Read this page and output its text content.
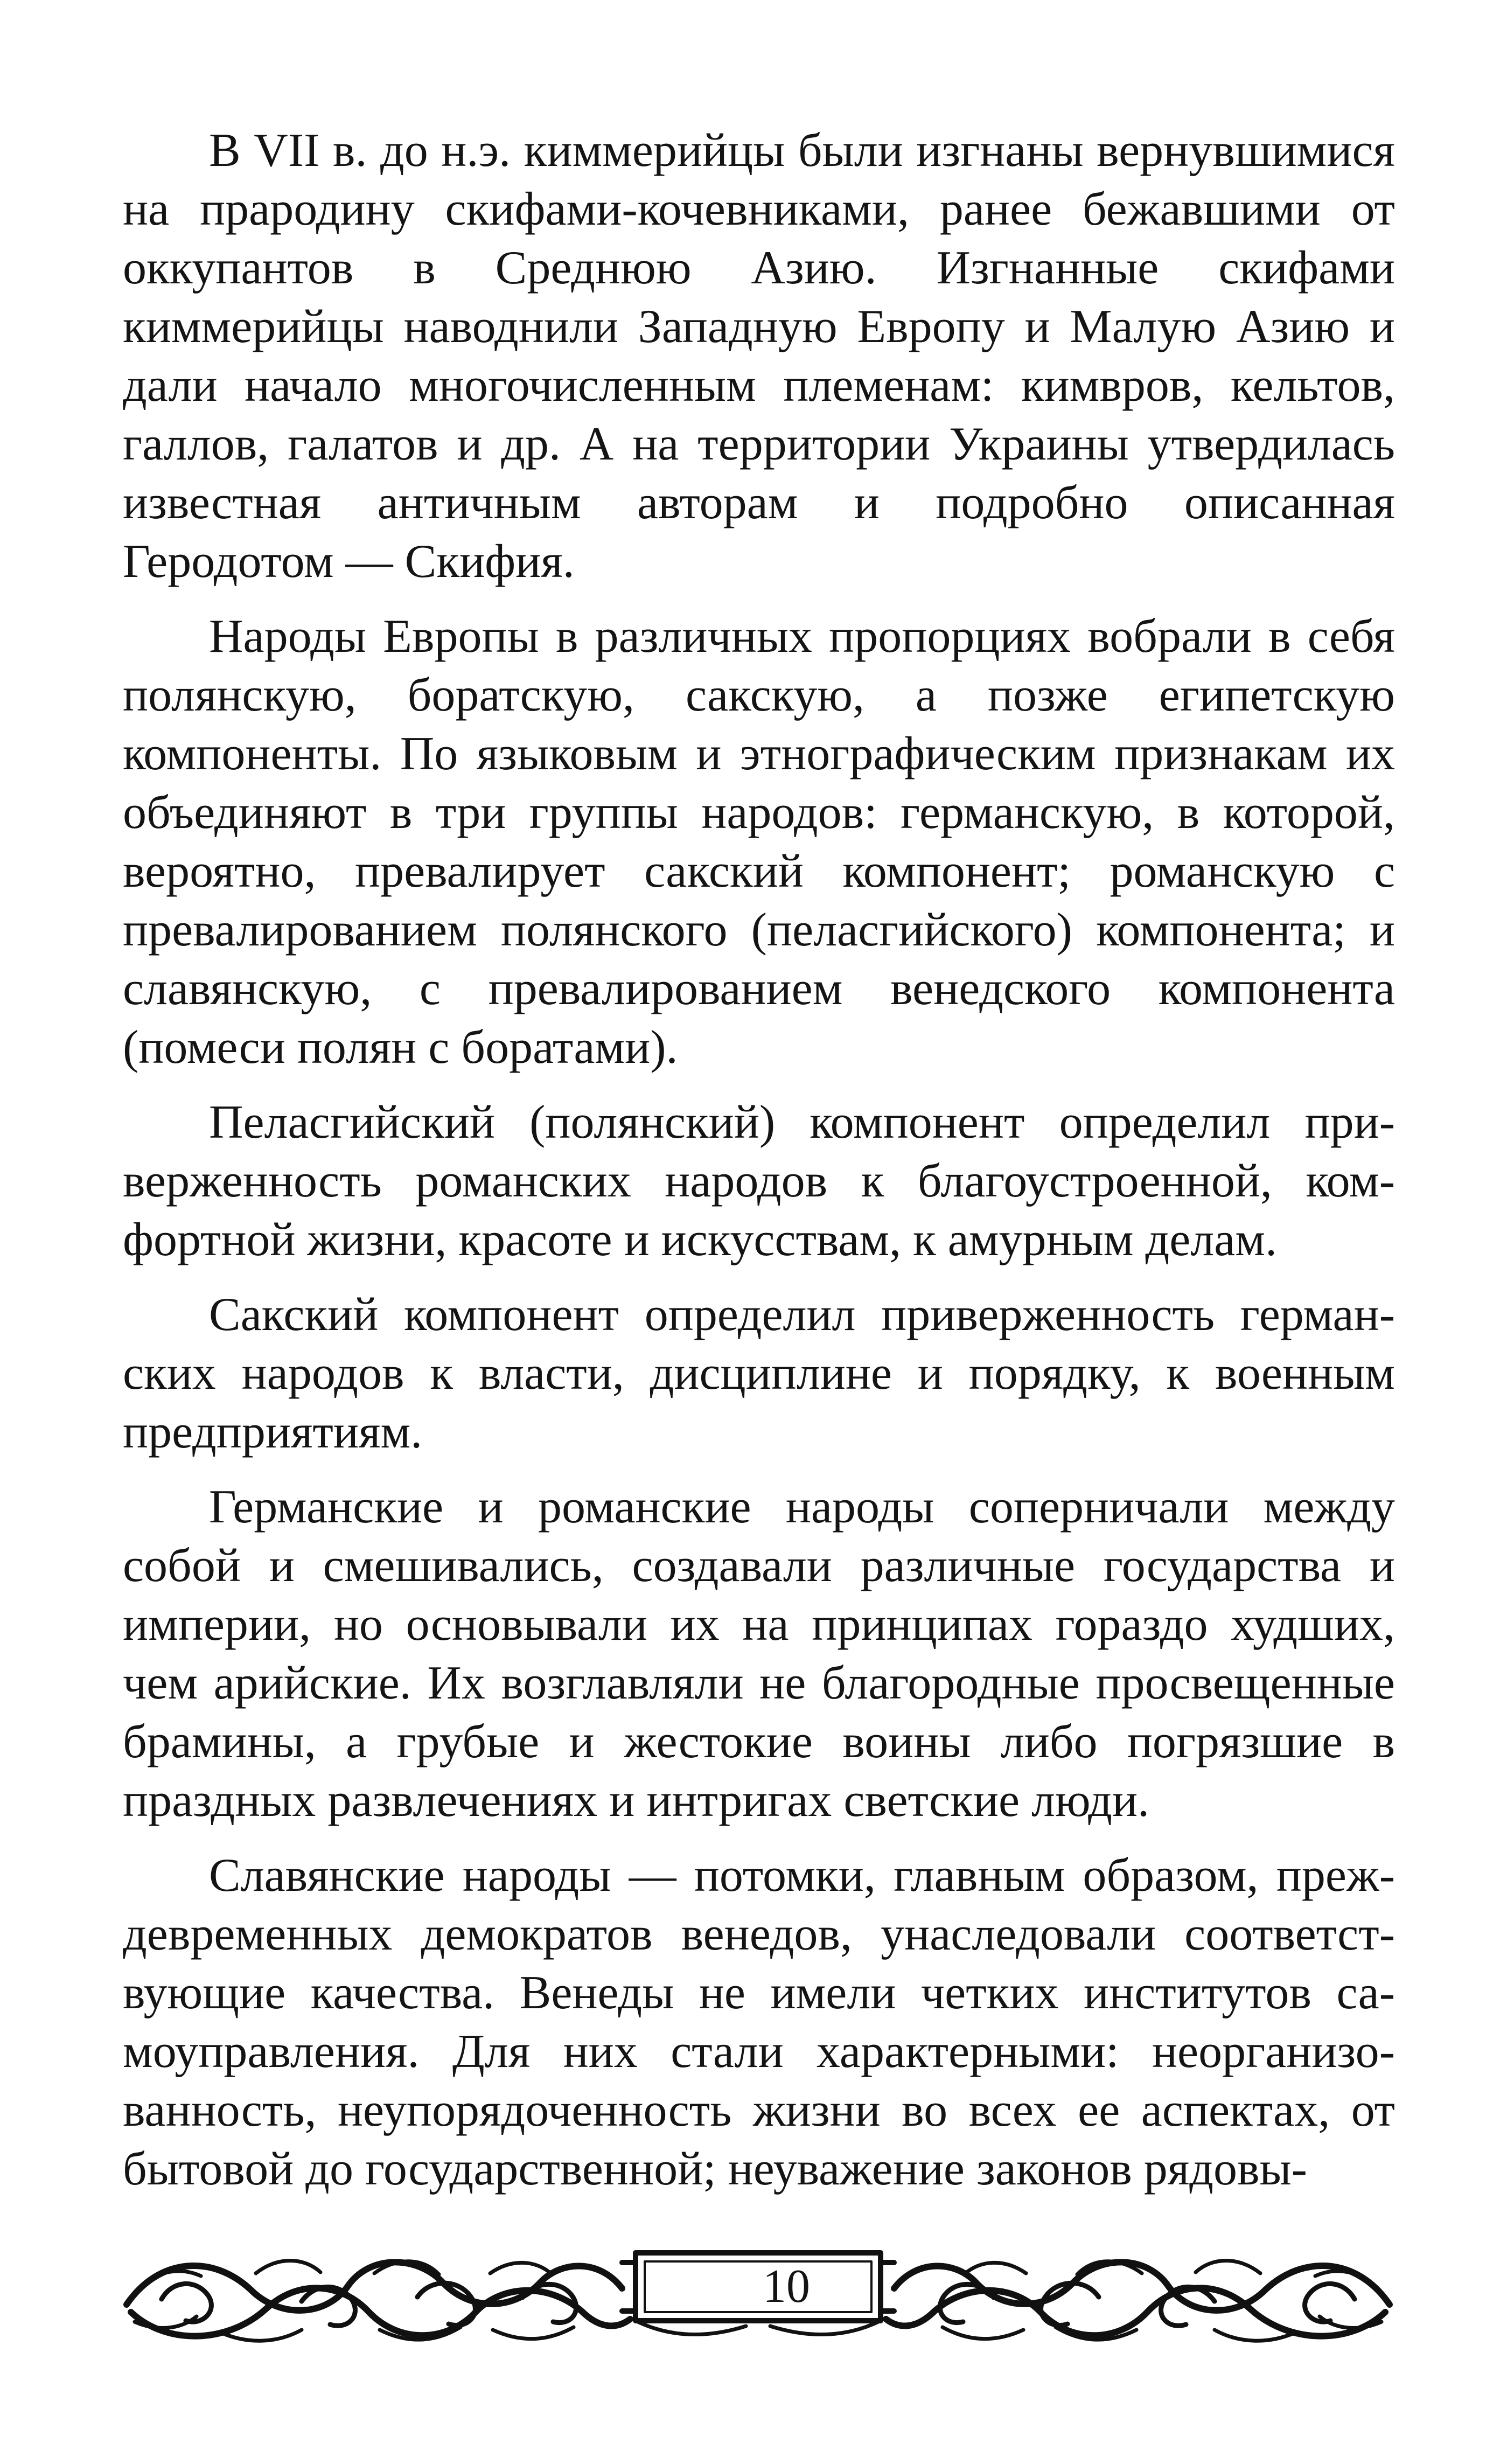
В VII в. до н.э. киммерийцы были изгнаны вернувшимися на прародину скифами-кочевниками, ранее бежавшими от оккупантов в Среднюю Азию. Изгнанные скифами киммерийцы наводнили Западную Европу и Малую Азию и дали начало многочисленным племенам: кимвров, кельтов, галлов, галатов и др. А на территории Украины утвердилась известная античным авторам и подробно описанная Геродотом — Скифия.

Народы Европы в различных пропорциях вобрали в себя полянскую, боратскую, сакскую, а позже египетскую компоненты. По языковым и этнографическим признакам их объединяют в три группы народов: германскую, в которой, вероятно, превалирует сакский компонент; романскую с превалированием полянского (пеласгийского) компонента; и славянскую, с превалированием венедского компонента (помеси полян с боратами).

Пеласгийский (полянский) компонент определил приверженность романских народов к благоустроенной, комфортной жизни, красоте и искусствам, к амурным делам.

Сакский компонент определил приверженность германских народов к власти, дисциплине и порядку, к военным предприятиям.

Германские и романские народы соперничали между собой и смешивались, создавали различные государства и империи, но основывали их на принципах гораздо худших, чем арийские. Их возглавляли не благородные просвещенные брамины, а грубые и жестокие воины либо погрязшие в праздных развлечениях и интригах светские люди.

Славянские народы — потомки, главным образом, преждевременных демократов венедов, унаследовали соответствующие качества. Венеды не имели четких институтов самоуправления. Для них стали характерными: неорганизованность, неупорядоченность жизни во всех ее аспектах, от бытовой до государственной; неуважение законов рядовы-

10
